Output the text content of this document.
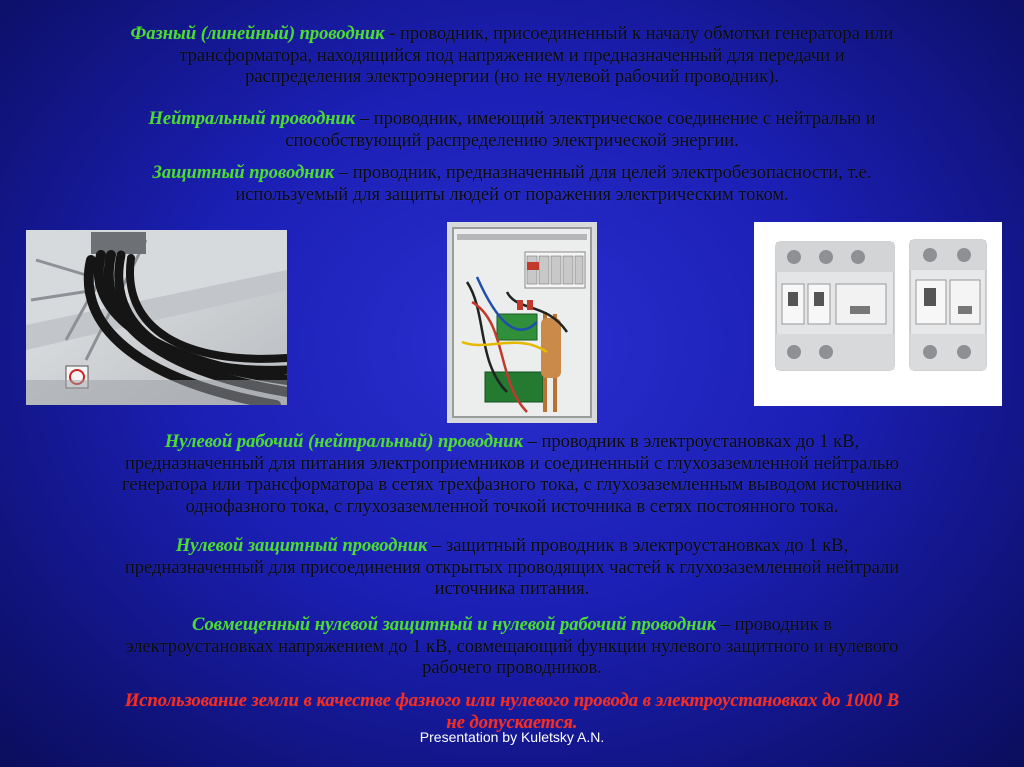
Фазный (линейный) проводник - проводник, присоединенный к началу обмотки генератора или
трансформатора, находящийся под напряжением и предназначенный для передачи и
распределения электроэнергии (но не нулевой рабочий проводник).
Нейтральный проводник – проводник, имеющий электрическое соединение с нейтралью и
способствующий распределению электрической энергии.
Защитный проводник – проводник, предназначенный для целей электробезопасности, т.е.
используемый для защиты людей от поражения электрическим током.
Нулевой рабочий (нейтральный) проводник – проводник в электроустановках до 1 кВ,
предназначенный для питания электроприемников и соединенный с глухозаземленной нейтралью
генератора или трансформатора в сетях трехфазного тока, с глухозаземленным выводом источника
однофазного тока, с глухозаземленной точкой источника в сетях постоянного тока.
Нулевой защитный проводник – защитный проводник в электроустановках до 1 кВ,
предназначенный для присоединения открытых проводящих частей к глухозаземленной нейтрали
источника питания.
Совмещенный нулевой защитный и нулевой рабочий проводник – проводник в
электроустановках напряжением до 1 кВ, совмещающий функции нулевого защитного и нулевого
рабочего проводников.
Использование земли в качестве фазного или нулевого провода в электроустановках до 1000 В
не допускается.
Presentation by Kuletsky A.N.
